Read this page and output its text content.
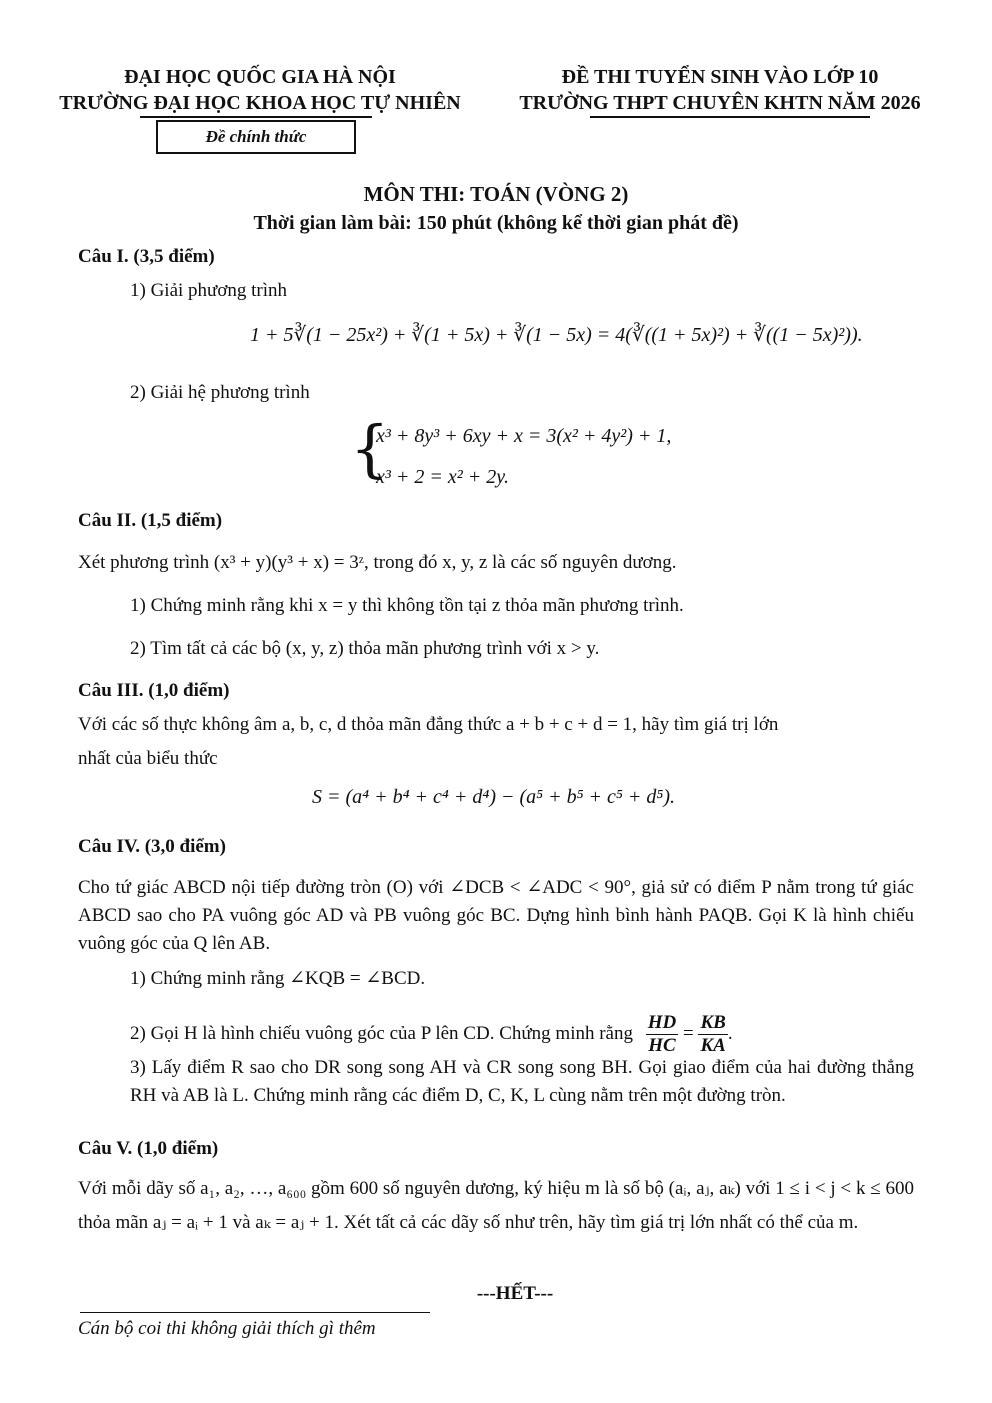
ĐẠI HỌC QUỐC GIA HÀ NỘI
TRƯỜNG ĐẠI HỌC KHOA HỌC TỰ NHIÊN
ĐỀ THI TUYỂN SINH VÀO LỚP 10
TRƯỜNG THPT CHUYÊN KHTN NĂM 2026
Đề chính thức
MÔN THI: TOÁN (VÒNG 2)
Thời gian làm bài: 150 phút (không kể thời gian phát đề)
Câu I. (3,5 điểm)
1) Giải phương trình
1 + 5∛(1 − 25x²) + ∛(1 + 5x) + ∛(1 − 5x) = 4(∛((1 + 5x)²) + ∛((1 − 5x)²)).
2) Giải hệ phương trình
{
x³ + 8y³ + 6xy + x = 3(x² + 4y²) + 1,
x³ + 2 = x² + 2y.
Câu II. (1,5 điểm)
Xét phương trình (x³ + y)(y³ + x) = 3ᶻ, trong đó x, y, z là các số nguyên dương.
1) Chứng minh rằng khi x = y thì không tồn tại z thỏa mãn phương trình.
2) Tìm tất cả các bộ (x, y, z) thỏa mãn phương trình với x > y.
Câu III. (1,0 điểm)
Với các số thực không âm a, b, c, d thỏa mãn đẳng thức a + b + c + d = 1, hãy tìm giá trị lớn
nhất của biểu thức
S = (a⁴ + b⁴ + c⁴ + d⁴) − (a⁵ + b⁵ + c⁵ + d⁵).
Câu IV. (3,0 điểm)
Cho tứ giác ABCD nội tiếp đường tròn (O) với ∠DCB < ∠ADC < 90°, giả sử có điểm P nằm trong tứ giác ABCD sao cho PA vuông góc AD và PB vuông góc BC. Dựng hình bình hành PAQB. Gọi K là hình chiếu vuông góc của Q lên AB.
1) Chứng minh rằng ∠KQB = ∠BCD.
2) Gọi H là hình chiếu vuông góc của P lên CD. Chứng minh rằng $\frac{HD}{HC} = \frac{KB}{KA}$ .
3) Lấy điểm R sao cho DR song song AH và CR song song BH. Gọi giao điểm của hai đường thẳng RH và AB là L. Chứng minh rằng các điểm D, C, K, L cùng nằm trên một đường tròn.
Câu V. (1,0 điểm)
Với mỗi dãy số a₁, a₂, …, a₆₀₀ gồm 600 số nguyên dương, ký hiệu m là số bộ (aᵢ, aⱼ, aₖ) với 1 ≤ i < j < k ≤ 600 thỏa mãn aⱼ = aᵢ + 1 và aₖ = aⱼ + 1. Xét tất cả các dãy số như trên, hãy tìm giá trị lớn nhất có thể của m.
---HẾT---
Cán bộ coi thi không giải thích gì thêm
